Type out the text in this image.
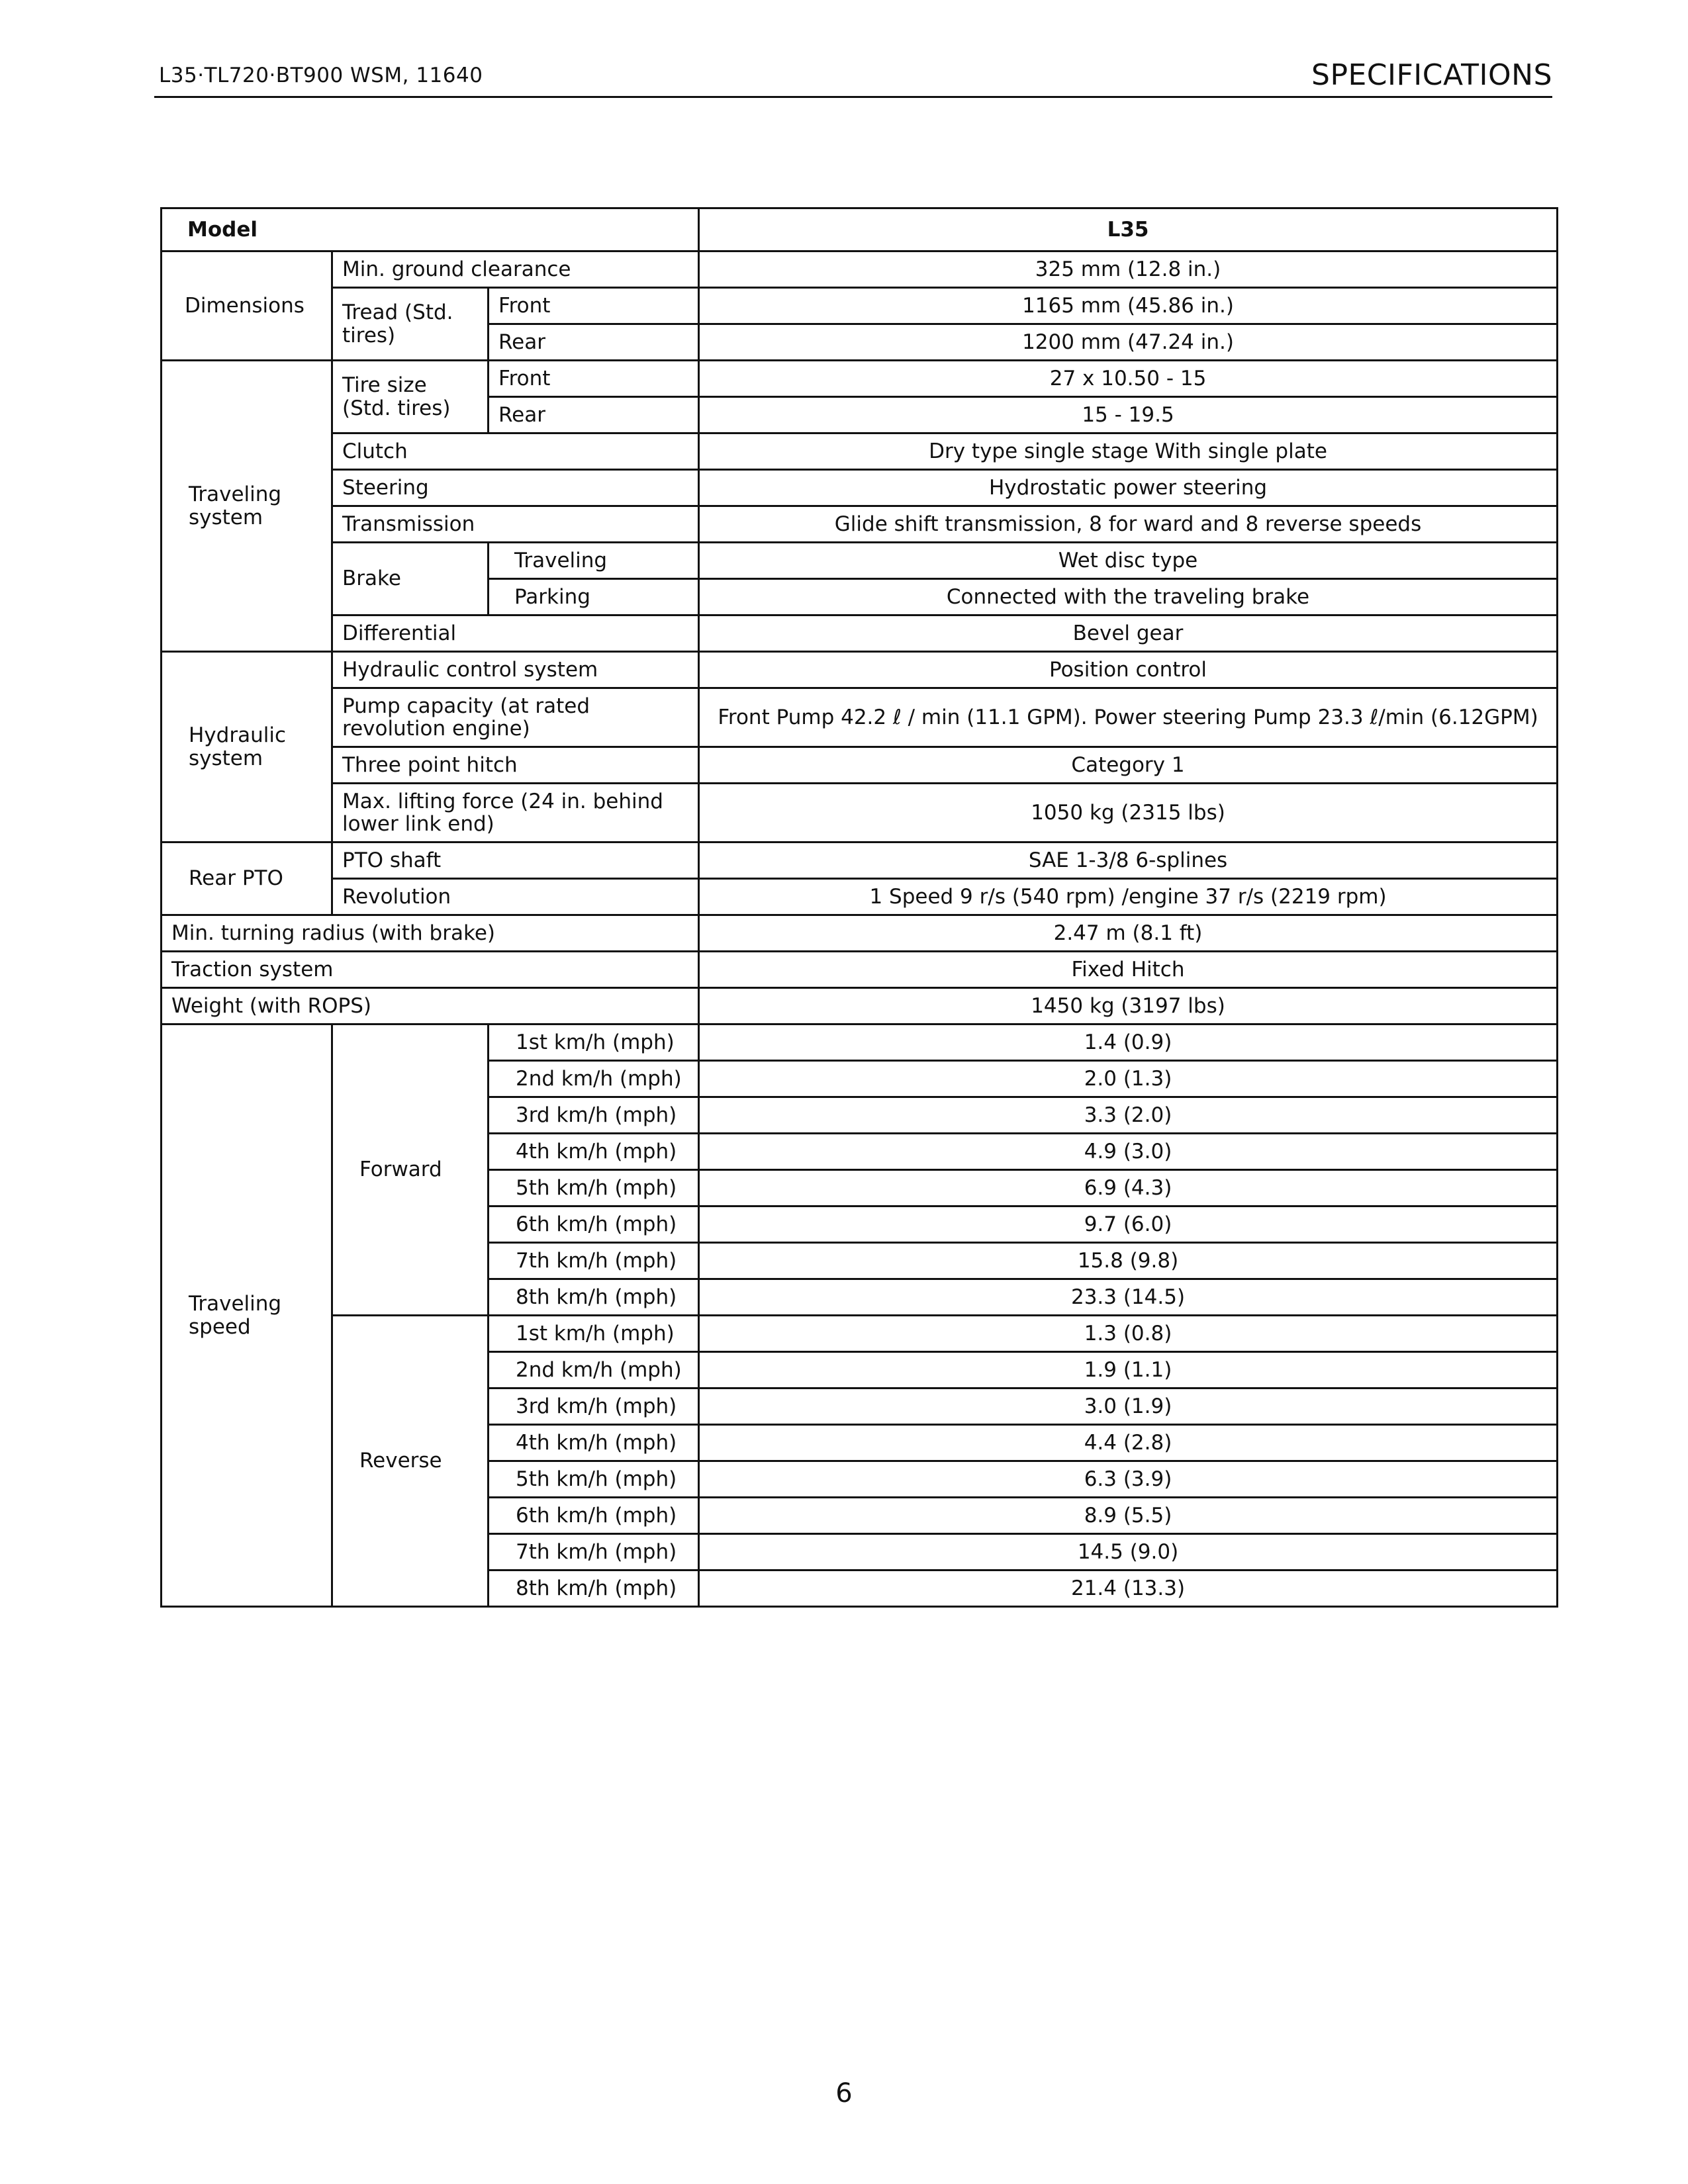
L35·TL720·BT900 WSM, 11640	SPECIFICATIONS
Model			L35
Dimensions	Min. ground clearance		325 mm (12.8 in.)
	Tread (Std. tires)	Front	1165 mm (45.86 in.)
		Rear	1200 mm (47.24 in.)
Traveling system	Tire size (Std. tires)	Front	27 x 10.50 - 15
		Rear	15 - 19.5
	Clutch		Dry type single stage With single plate
	Steering		Hydrostatic power steering
	Transmission		Glide shift transmission, 8 for ward and 8 reverse speeds
	Brake	Traveling	Wet disc type
		Parking	Connected with the traveling brake
	Differential		Bevel gear
Hydraulic system	Hydraulic control system		Position control
	Pump capacity (at rated revolution engine)		Front Pump 42.2 ℓ / min (11.1 GPM). Power steering Pump 23.3 ℓ/min (6.12GPM)
	Three point hitch		Category 1
	Max. lifting force (24 in. behind lower link end)		1050 kg (2315 lbs)
Rear PTO	PTO shaft		SAE 1-3/8 6-splines
	Revolution		1 Speed 9 r/s (540 rpm) /engine 37 r/s (2219 rpm)
Min. turning radius (with brake)			2.47 m (8.1 ft)
Traction system			Fixed Hitch
Weight (with ROPS)			1450 kg (3197 lbs)
Traveling speed	Forward	1st km/h (mph)	1.4 (0.9)
		2nd km/h (mph)	2.0 (1.3)
		3rd km/h (mph)	3.3 (2.0)
		4th km/h (mph)	4.9 (3.0)
		5th km/h (mph)	6.9 (4.3)
		6th km/h (mph)	9.7 (6.0)
		7th km/h (mph)	15.8 (9.8)
		8th km/h (mph)	23.3 (14.5)
	Reverse	1st km/h (mph)	1.3 (0.8)
		2nd km/h (mph)	1.9 (1.1)
		3rd km/h (mph)	3.0 (1.9)
		4th km/h (mph)	4.4 (2.8)
		5th km/h (mph)	6.3 (3.9)
		6th km/h (mph)	8.9 (5.5)
		7th km/h (mph)	14.5 (9.0)
		8th km/h (mph)	21.4 (13.3)
6
